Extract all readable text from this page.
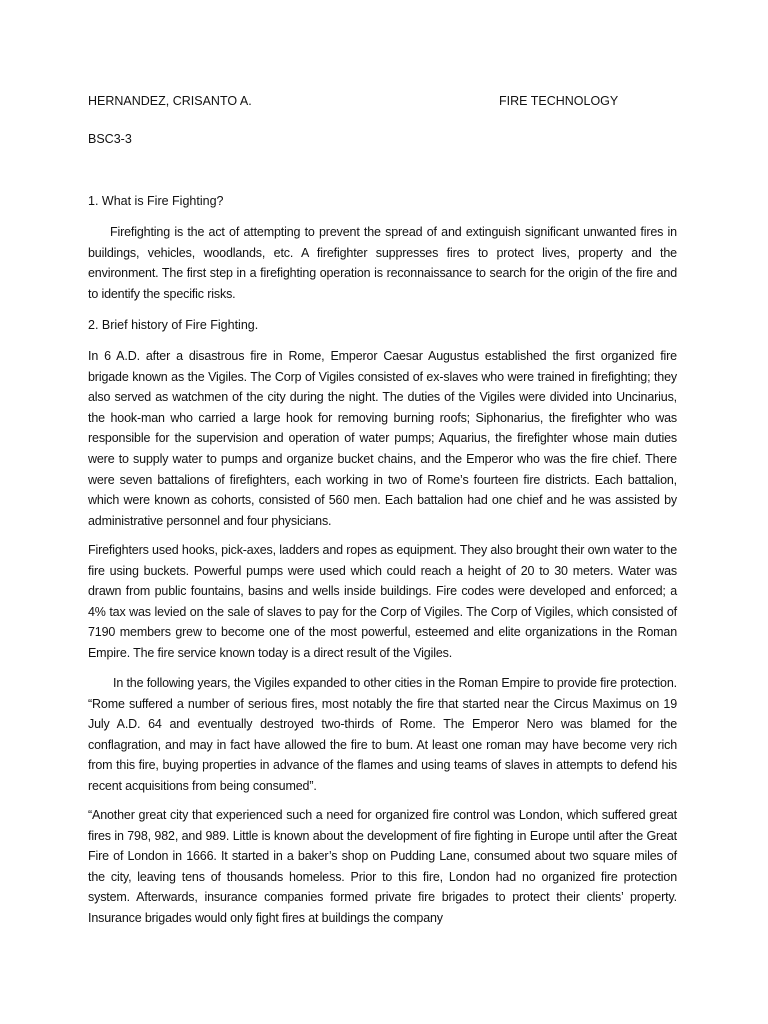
HERNANDEZ, CRISANTO A.	FIRE TECHNOLOGY
BSC3-3
1. What is Fire Fighting?

Firefighting is the act of attempting to prevent the spread of and extinguish significant unwanted fires in buildings, vehicles, woodlands, etc. A firefighter suppresses fires to protect lives, property and the environment. The first step in a firefighting operation is reconnaissance to search for the origin of the fire and to identify the specific risks.

2. Brief history of Fire Fighting.

In 6 A.D. after a disastrous fire in Rome, Emperor Caesar Augustus established the first organized fire brigade known as the Vigiles. The Corp of Vigiles consisted of ex-slaves who were trained in firefighting; they also served as watchmen of the city during the night. The duties of the Vigiles were divided into Uncinarius, the hook-man who carried a large hook for removing burning roofs; Siphonarius, the firefighter who was responsible for the supervision and operation of water pumps; Aquarius, the firefighter whose main duties were to supply water to pumps and organize bucket chains, and the Emperor who was the fire chief. There were seven battalions of firefighters, each working in two of Rome’s fourteen fire districts. Each battalion, which were known as cohorts, consisted of 560 men. Each battalion had one chief and he was assisted by administrative personnel and four physicians.

Firefighters used hooks, pick-axes, ladders and ropes as equipment. They also brought their own water to the fire using buckets. Powerful pumps were used which could reach a height of 20 to 30 meters. Water was drawn from public fountains, basins and wells inside buildings. Fire codes were developed and enforced; a 4% tax was levied on the sale of slaves to pay for the Corp of Vigiles. The Corp of Vigiles, which consisted of 7190 members grew to become one of the most powerful, esteemed and elite organizations in the Roman Empire. The fire service known today is a direct result of the Vigiles.

In the following years, the Vigiles expanded to other cities in the Roman Empire to provide fire protection. “Rome suffered a number of serious fires, most notably the fire that started near the Circus Maximus on 19 July A.D. 64 and eventually destroyed two-thirds of Rome. The Emperor Nero was blamed for the conflagration, and may in fact have allowed the fire to bum. At least one roman may have become very rich from this fire, buying properties in advance of the flames and using teams of slaves in attempts to defend his recent acquisitions from being consumed”.

“Another great city that experienced such a need for organized fire control was London, which suffered great fires in 798, 982, and 989. Little is known about the development of fire fighting in Europe until after the Great Fire of London in 1666. It started in a baker’s shop on Pudding Lane, consumed about two square miles of the city, leaving tens of thousands homeless. Prior to this fire, London had no organized fire protection system. Afterwards, insurance companies formed private fire brigades to protect their clients’ property. Insurance brigades would only fight fires at buildings the company
